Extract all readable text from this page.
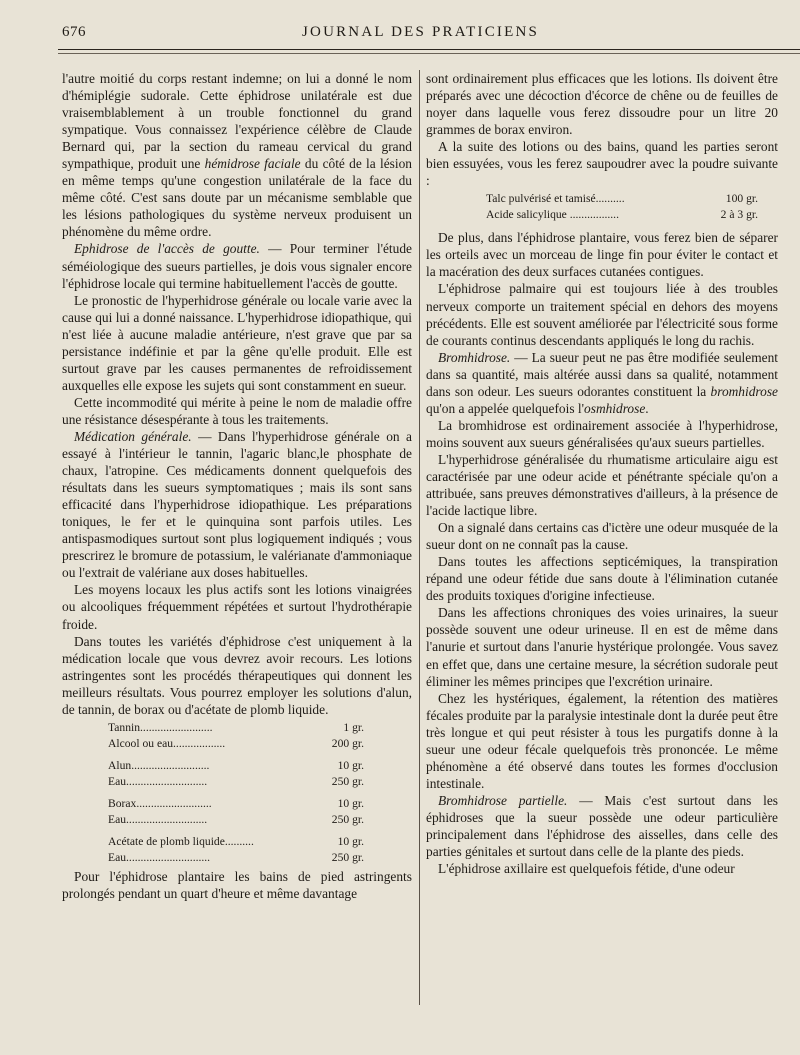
676	JOURNAL DES PRATICIENS

l'autre moitié du corps restant indemne; on lui a donné le nom d'hémiplégie sudorale. Cette éphidrose unilatérale est due vraisemblablement à un trouble fonctionnel du grand sympatique. Vous connaissez l'expérience célèbre de Claude Bernard qui, par la section du rameau cervical du grand sympathique, produit une hémidrose faciale du côté de la lésion en même temps qu'une congestion unilatérale de la face du même côté. C'est sans doute par un mécanisme semblable que les lésions pathologiques du système nerveux produisent un phénomène du même ordre.

Ephidrose de l'accès de goutte. — Pour terminer l'étude séméiologique des sueurs partielles, je dois vous signaler encore l'éphidrose locale qui termine habituellement l'accès de goutte.

Le pronostic de l'hyperhidrose générale ou locale varie avec la cause qui lui a donné naissance. L'hyperhidrose idiopathique, qui n'est liée à aucune maladie antérieure, n'est grave que par sa persistance indéfinie et par la gêne qu'elle produit. Elle est surtout grave par les causes permanentes de refroidissement auxquelles elle expose les sujets qui sont constamment en sueur.

Cette incommodité qui mérite à peine le nom de maladie offre une résistance désespérante à tous les traitements.

Médication générale. — Dans l'hyperhidrose générale on a essayé à l'intérieur le tannin, l'agaric blanc,le phosphate de chaux, l'atropine. Ces médicaments donnent quelquefois des résultats dans les sueurs symptomatiques ; mais ils sont sans efficacité dans l'hyperhidrose idiopathique. Les préparations toniques, le fer et le quinquina sont parfois utiles. Les antispasmodiques surtout sont plus logiquement indiqués ; vous prescrirez le bromure de potassium, le valérianate d'ammoniaque ou l'extrait de valériane aux doses habituelles.

Les moyens locaux les plus actifs sont les lotions vinaigrées ou alcooliques fréquemment répétées et surtout l'hydrothérapie froide.

Dans toutes les variétés d'éphidrose c'est uniquement à la médication locale que vous devrez avoir recours. Les lotions astringentes sont les procédés thérapeutiques qui donnent les meilleurs résultats. Vous pourrez employer les solutions d'alun, de tannin, de borax ou d'acétate de plomb liquide.

Tannin.........................	1 gr.
Alcool ou eau..................	200 gr.
Alun...........................	10 gr.
Eau............................	250 gr.
Borax..........................	10 gr.
Eau............................	250 gr.
Acétate de plomb liquide..........	10 gr.
Eau.............................	250 gr.

Pour l'éphidrose plantaire les bains de pied astringents prolongés pendant un quart d'heure et même davantage

sont ordinairement plus efficaces que les lotions. Ils doivent être préparés avec une décoction d'écorce de chêne ou de feuilles de noyer dans laquelle vous ferez dissoudre pour un litre 20 grammes de borax environ.

A la suite des lotions ou des bains, quand les parties seront bien essuyées, vous les ferez saupoudrer avec la poudre suivante :

Talc pulvérisé et tamisé..........	100 gr.
Acide salicylique .................	2 à 3 gr.

De plus, dans l'éphidrose plantaire, vous ferez bien de séparer les orteils avec un morceau de linge fin pour éviter le contact et la macération des deux surfaces cutanées contigues.

L'éphidrose palmaire qui est toujours liée à des troubles nerveux comporte un traitement spécial en dehors des moyens précédents. Elle est souvent améliorée par l'électricité sous forme de courants continus descendants appliqués le long du rachis.

Bromhidrose. — La sueur peut ne pas être modifiée seulement dans sa quantité, mais altérée aussi dans sa qualité, notamment dans son odeur. Les sueurs odorantes constituent la bromhidrose qu'on a appelée quelquefois l'osmhidrose.

La bromhidrose est ordinairement associée à l'hyperhidrose, moins souvent aux sueurs généralisées qu'aux sueurs partielles.

L'hyperhidrose généralisée du rhumatisme articulaire aigu est caractérisée par une odeur acide et pénétrante spéciale qu'on a attribuée, sans preuves démonstratives d'ailleurs, à la présence de l'acide lactique libre.

On a signalé dans certains cas d'ictère une odeur musquée de la sueur dont on ne connaît pas la cause.

Dans toutes les affections septicémiques, la transpiration répand une odeur fétide due sans doute à l'élimination cutanée des produits toxiques d'origine infectieuse.

Dans les affections chroniques des voies urinaires, la sueur possède souvent une odeur urineuse. Il en est de même dans l'anurie et surtout dans l'anurie hystérique prolongée. Vous savez en effet que, dans une certaine mesure, la sécrétion sudorale peut éliminer les mêmes principes que l'excrétion urinaire.

Chez les hystériques, également, la rétention des matières fécales produite par la paralysie intestinale dont la durée peut être très longue et qui peut résister à tous les purgatifs donne à la sueur une odeur fécale quelquefois très prononcée. Le même phénomène a été observé dans toutes les formes d'occlusion intestinale.

Bromhidrose partielle. — Mais c'est surtout dans les éphidroses que la sueur possède une odeur particulière principalement dans l'éphidrose des aisselles, dans celle des parties génitales et surtout dans celle de la plante des pieds.

L'éphidrose axillaire est quelquefois fétide, d'une odeur
